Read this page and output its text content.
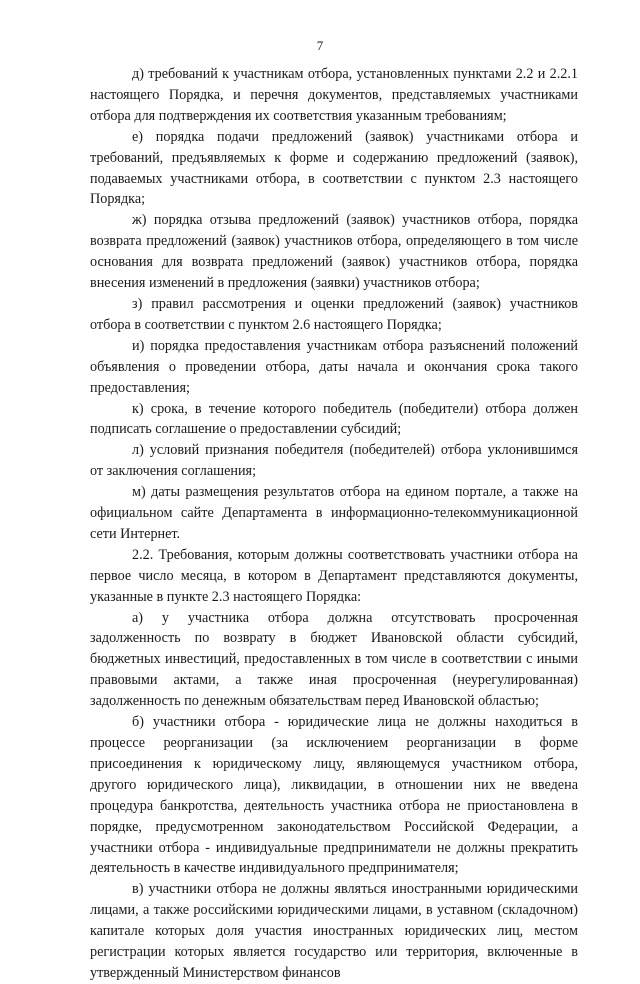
7

д) требований к участникам отбора, установленных пунктами 2.2 и 2.2.1 настоящего Порядка, и перечня документов, представляемых участниками отбора для подтверждения их соответствия указанным требованиям;

е) порядка подачи предложений (заявок) участниками отбора и требований, предъявляемых к форме и содержанию предложений (заявок), подаваемых участниками отбора, в соответствии с пунктом 2.3 настоящего Порядка;

ж) порядка отзыва предложений (заявок) участников отбора, порядка возврата предложений (заявок) участников отбора, определяющего в том числе основания для возврата предложений (заявок) участников отбора, порядка внесения изменений в предложения (заявки) участников отбора;

з) правил рассмотрения и оценки предложений (заявок) участников отбора в соответствии с пунктом 2.6 настоящего Порядка;

и) порядка предоставления участникам отбора разъяснений положений объявления о проведении отбора, даты начала и окончания срока такого предоставления;

к) срока, в течение которого победитель (победители) отбора должен подписать соглашение о предоставлении субсидий;

л) условий признания победителя (победителей) отбора уклонившимся от заключения соглашения;

м) даты размещения результатов отбора на едином портале, а также на официальном сайте Департамента в информационно-телекоммуникационной сети Интернет.

2.2. Требования, которым должны соответствовать участники отбора на первое число месяца, в котором в Департамент представляются документы, указанные в пункте 2.3 настоящего Порядка:

а) у участника отбора должна отсутствовать просроченная задолженность по возврату в бюджет Ивановской области субсидий, бюджетных инвестиций, предоставленных в том числе в соответствии с иными правовыми актами, а также иная просроченная (неурегулированная) задолженность по денежным обязательствам перед Ивановской областью;

б) участники отбора - юридические лица не должны находиться в процессе реорганизации (за исключением реорганизации в форме присоединения к юридическому лицу, являющемуся участником отбора, другого юридического лица), ликвидации, в отношении них не введена процедура банкротства, деятельность участника отбора не приостановлена в порядке, предусмотренном законодательством Российской Федерации, а участники отбора - индивидуальные предприниматели не должны прекратить деятельность в качестве индивидуального предпринимателя;

в) участники отбора не должны являться иностранными юридическими лицами, а также российскими юридическими лицами, в уставном (складочном) капитале которых доля участия иностранных юридических лиц, местом регистрации которых является государство или территория, включенные в утвержденный Министерством финансов
